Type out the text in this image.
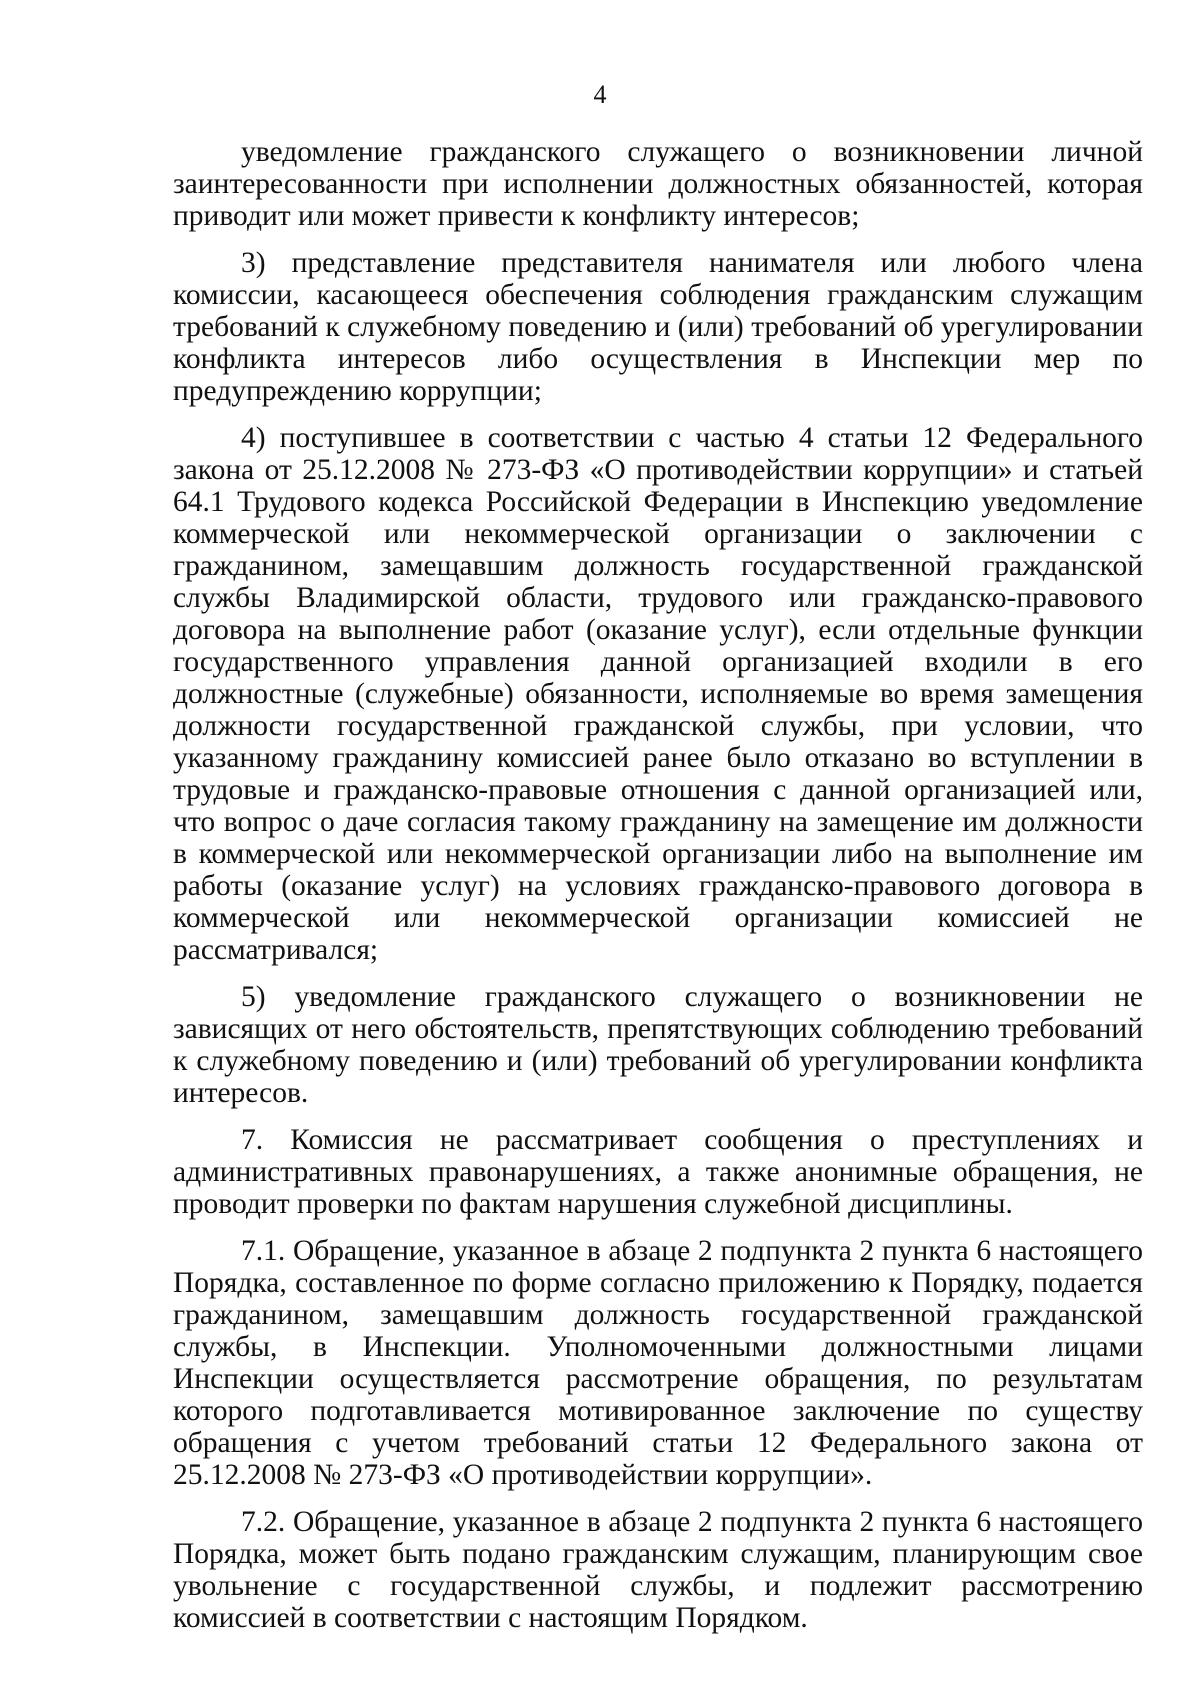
4

уведомление гражданского служащего о возникновении личной заинтересованности при исполнении должностных обязанностей, которая приводит или может привести к конфликту интересов;

3) представление представителя нанимателя или любого члена комиссии, касающееся обеспечения соблюдения гражданским служащим требований к служебному поведению и (или) требований об урегулировании конфликта интересов либо осуществления в Инспекции мер по предупреждению коррупции;

4) поступившее в соответствии с частью 4 статьи 12 Федерального закона от 25.12.2008 № 273-ФЗ «О противодействии коррупции» и статьей 64.1 Трудового кодекса Российской Федерации в Инспекцию уведомление коммерческой или некоммерческой организации о заключении с гражданином, замещавшим должность государственной гражданской службы Владимирской области, трудового или гражданско-правового договора на выполнение работ (оказание услуг), если отдельные функции государственного управления данной организацией входили в его должностные (служебные) обязанности, исполняемые во время замещения должности государственной гражданской службы, при условии, что указанному гражданину комиссией ранее было отказано во вступлении в трудовые и гражданско-правовые отношения с данной организацией или, что вопрос о даче согласия такому гражданину на замещение им должности в коммерческой или некоммерческой организации либо на выполнение им работы (оказание услуг) на условиях гражданско-правового договора в коммерческой или некоммерческой организации комиссией не рассматривался;

5) уведомление гражданского служащего о возникновении не зависящих от него обстоятельств, препятствующих соблюдению требований к служебному поведению и (или) требований об урегулировании конфликта интересов.

7. Комиссия не рассматривает сообщения о преступлениях и административных правонарушениях, а также анонимные обращения, не проводит проверки по фактам нарушения служебной дисциплины.

7.1. Обращение, указанное в абзаце 2 подпункта 2 пункта 6 настоящего Порядка, составленное по форме согласно приложению к Порядку, подается гражданином, замещавшим должность государственной гражданской службы, в Инспекции. Уполномоченными должностными лицами Инспекции осуществляется рассмотрение обращения, по результатам которого подготавливается мотивированное заключение по существу обращения с учетом требований статьи 12 Федерального закона от 25.12.2008 № 273-ФЗ «О противодействии коррупции».

7.2. Обращение, указанное в абзаце 2 подпункта 2 пункта 6 настоящего Порядка, может быть подано гражданским служащим, планирующим свое увольнение с государственной службы, и подлежит рассмотрению комиссией в соответствии с настоящим Порядком.
